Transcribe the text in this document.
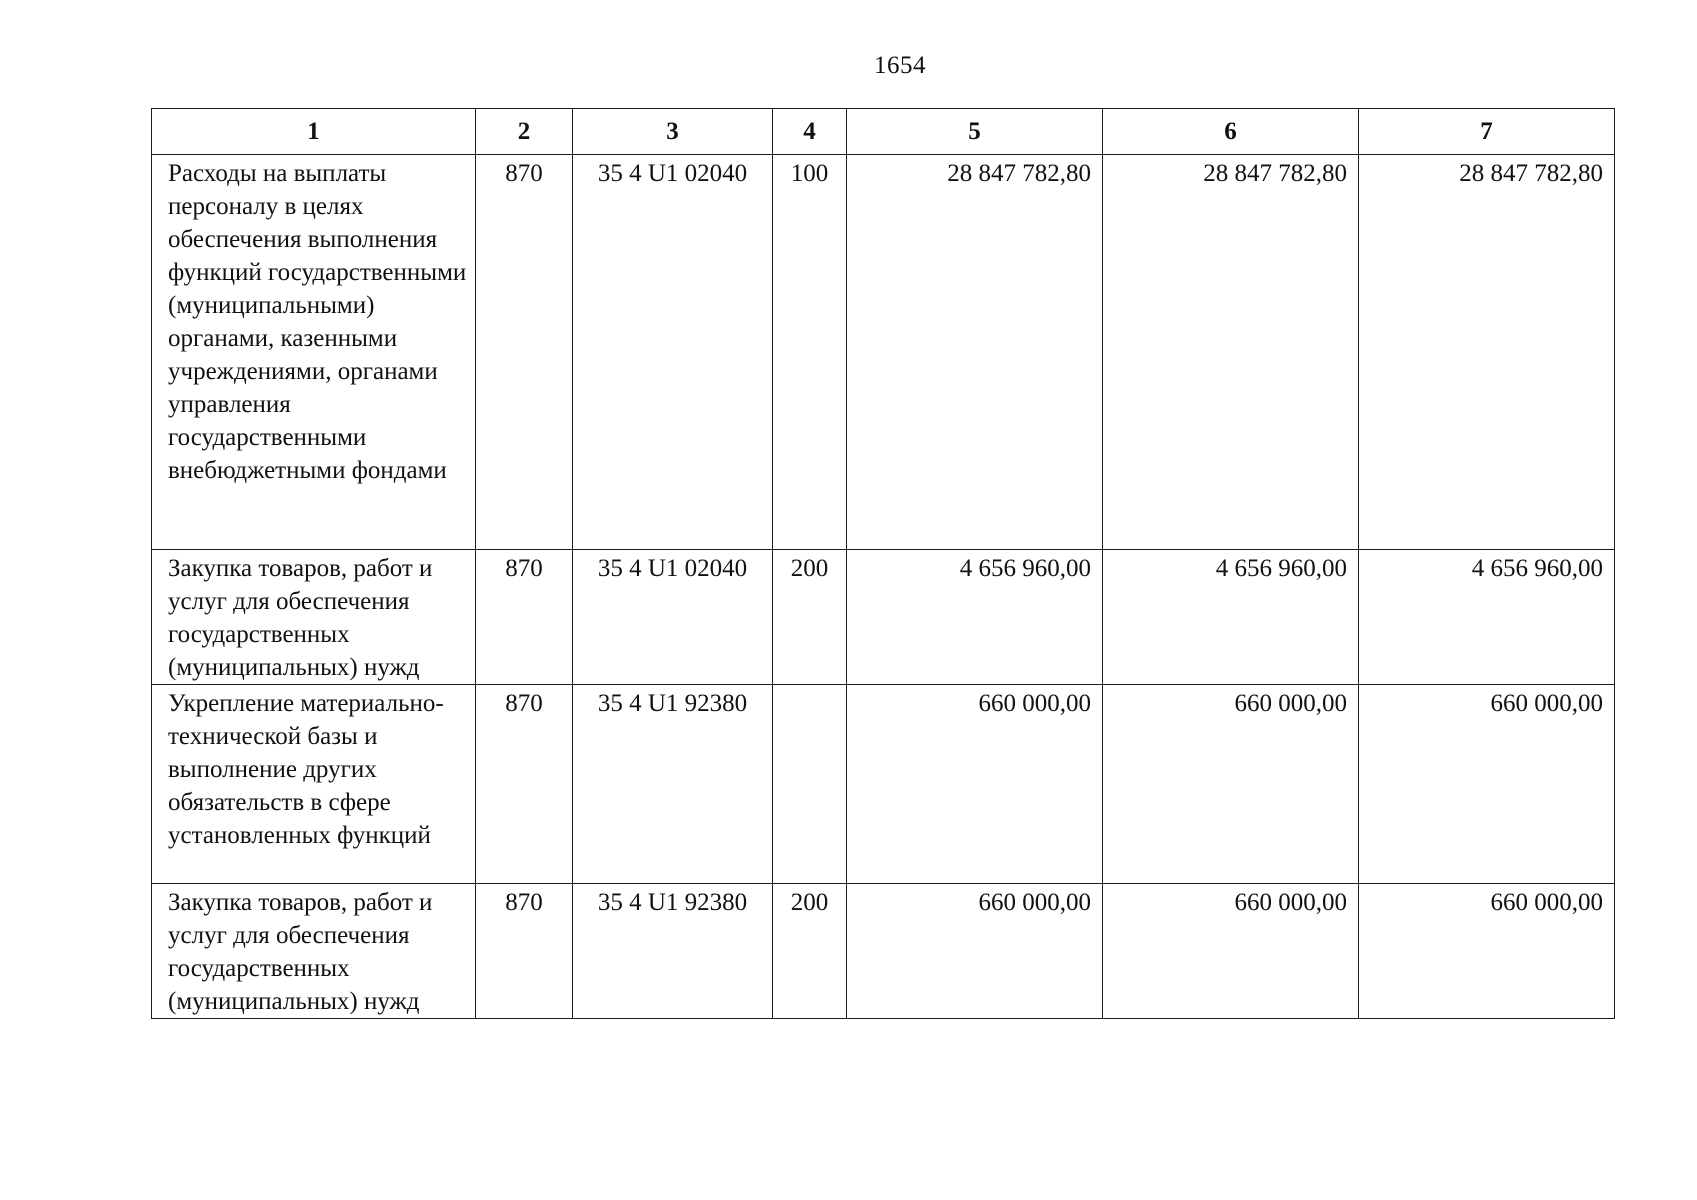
1654
1	2	3	4	5	6	7
Расходы на выплаты персоналу в целях обеспечения выполнения функций государственными (муниципальными) органами, казенными учреждениями, органами управления государственными внебюджетными фондами	870	35 4 U1 02040	100	28 847 782,80	28 847 782,80	28 847 782,80
Закупка товаров, работ и услуг для обеспечения государственных (муниципальных) нужд	870	35 4 U1 02040	200	4 656 960,00	4 656 960,00	4 656 960,00
Укрепление материально-технической базы и выполнение других обязательств в сфере установленных функций	870	35 4 U1 92380		660 000,00	660 000,00	660 000,00
Закупка товаров, работ и услуг для обеспечения государственных (муниципальных) нужд	870	35 4 U1 92380	200	660 000,00	660 000,00	660 000,00
